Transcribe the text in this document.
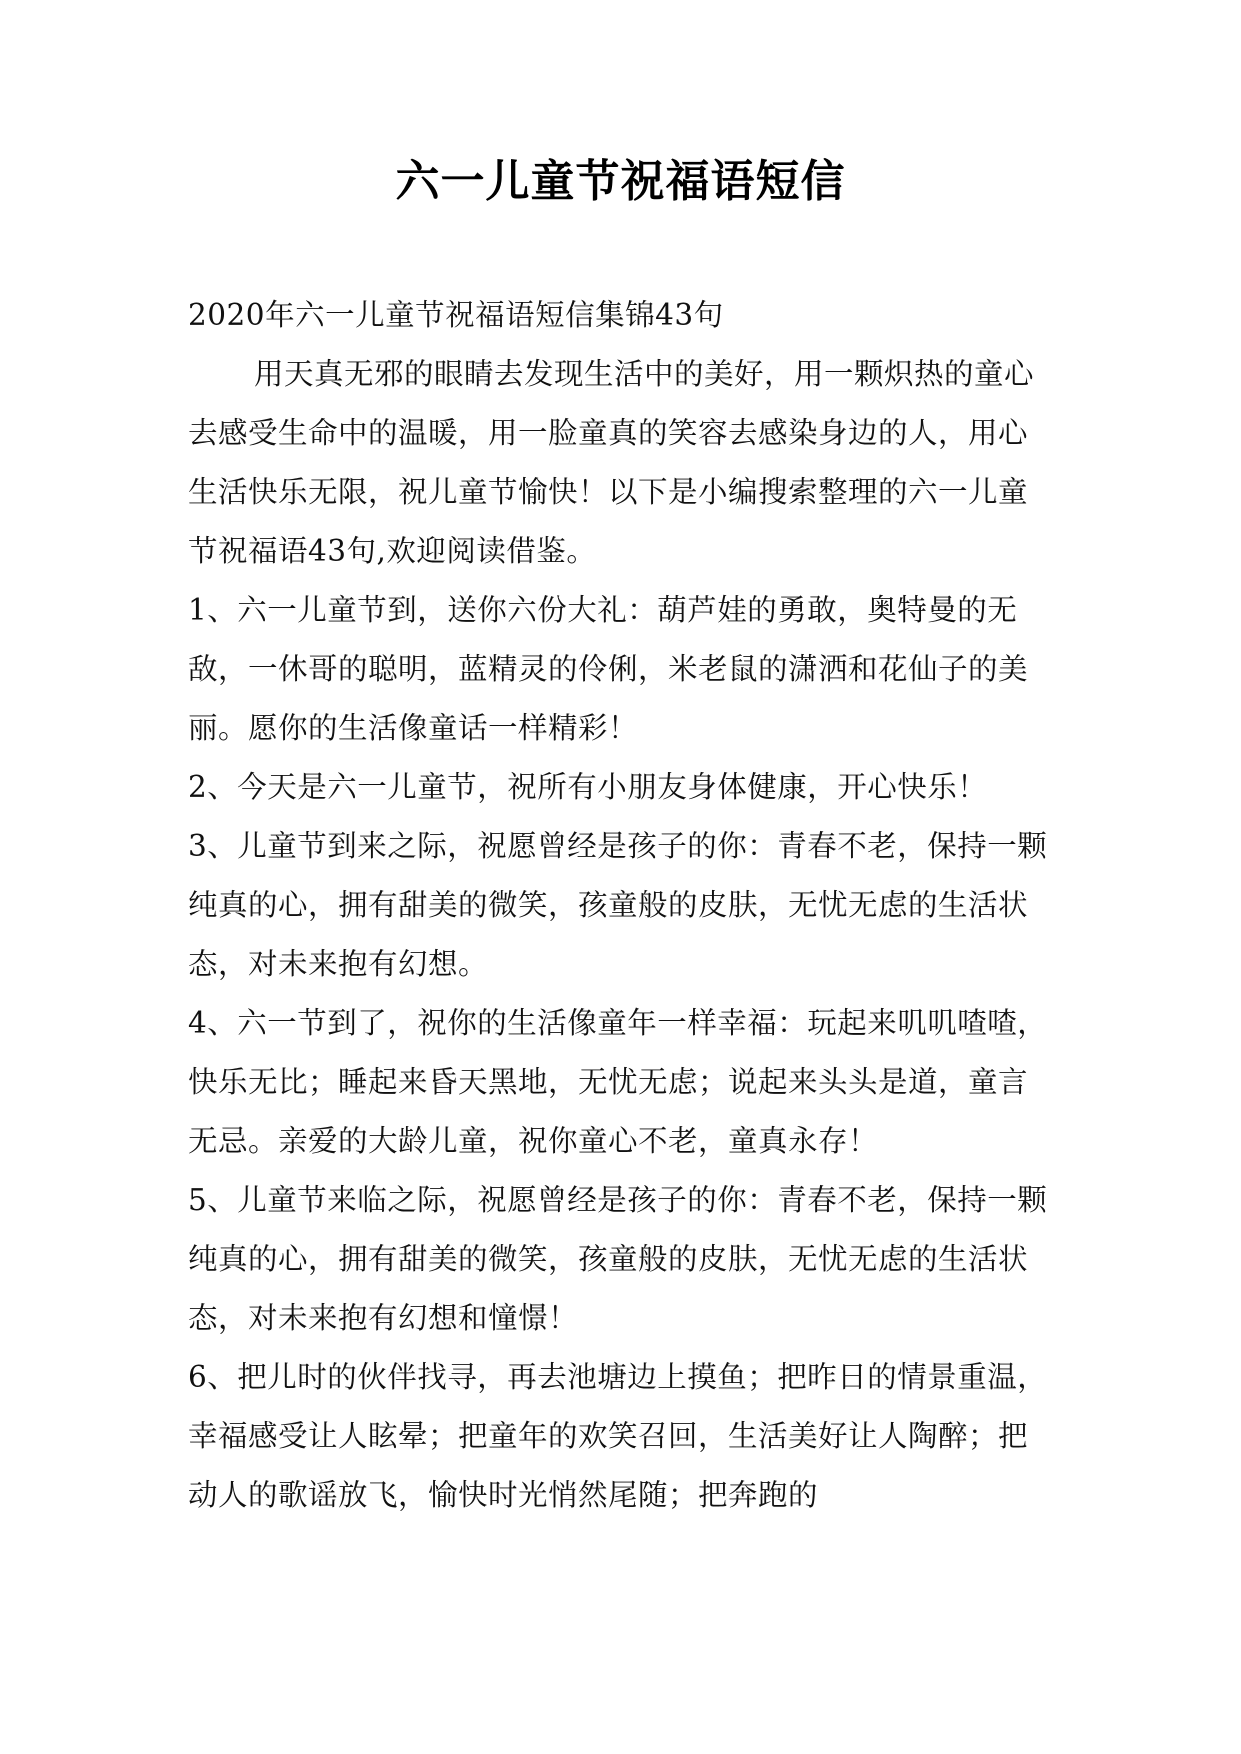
六一儿童节祝福语短信

2020年六一儿童节祝福语短信集锦43句

用天真无邪的眼睛去发现生活中的美好，用一颗炽热的童心去感受生命中的温暖，用一脸童真的笑容去感染身边的人，用心生活快乐无限，祝儿童节愉快！以下是小编搜索整理的六一儿童节祝福语43句,欢迎阅读借鉴。

1、六一儿童节到，送你六份大礼：葫芦娃的勇敢，奥特曼的无敌，一休哥的聪明，蓝精灵的伶俐，米老鼠的潇洒和花仙子的美丽。愿你的生活像童话一样精彩！

2、今天是六一儿童节，祝所有小朋友身体健康，开心快乐！

3、儿童节到来之际，祝愿曾经是孩子的你：青春不老，保持一颗纯真的心，拥有甜美的微笑，孩童般的皮肤，无忧无虑的生活状态，对未来抱有幻想。

4、六一节到了，祝你的生活像童年一样幸福：玩起来叽叽喳喳，快乐无比；睡起来昏天黑地，无忧无虑；说起来头头是道，童言无忌。亲爱的大龄儿童，祝你童心不老，童真永存！

5、儿童节来临之际，祝愿曾经是孩子的你：青春不老，保持一颗纯真的心，拥有甜美的微笑，孩童般的皮肤，无忧无虑的生活状态，对未来抱有幻想和憧憬！

6、把儿时的伙伴找寻，再去池塘边上摸鱼；把昨日的情景重温，幸福感受让人眩晕；把童年的欢笑召回，生活美好让人陶醉；把动人的歌谣放飞，愉快时光悄然尾随；把奔跑的
